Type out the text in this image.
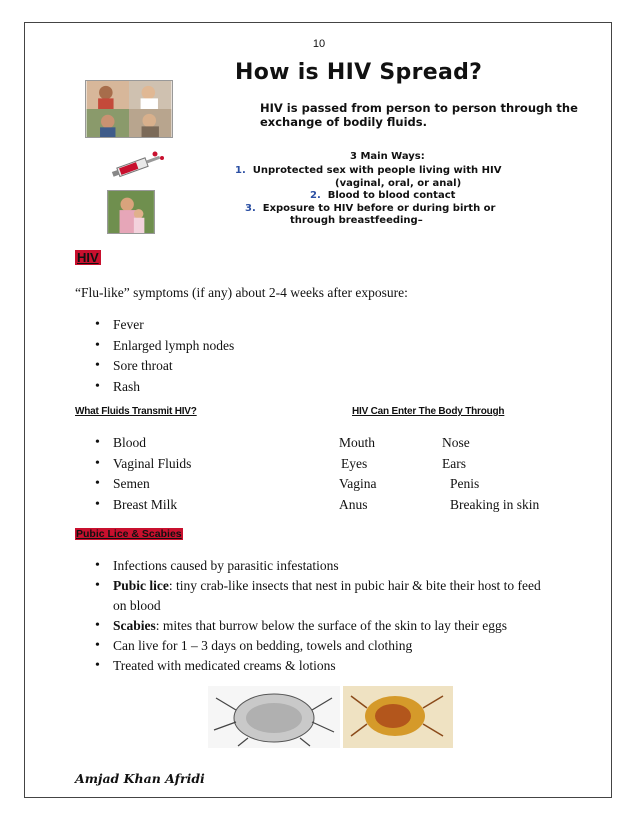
10
How is HIV Spread?
HIV is passed from person to person through the exchange of bodily fluids.
3 Main Ways:
1. Unprotected sex with people living with HIV
(vaginal, oral, or anal)
2. Blood to blood contact
3. Exposure to HIV before or during birth or
through breastfeeding–
HIV
“Flu-like” symptoms (if any) about 2-4 weeks after exposure:
• Fever
• Enlarged lymph nodes
• Sore throat
• Rash
What Fluids Transmit HIV?	HIV Can Enter The Body Through
• Blood
• Vaginal Fluids
• Semen
• Breast Milk
Mouth
Eyes
Vagina
Anus
Nose
Ears
Penis
Breaking in skin
Pubic Lice & Scabies
• Infections caused by parasitic infestations
• Pubic lice: tiny crab-like insects that nest in pubic hair & bite their host to feed on blood
• Scabies: mites that burrow below the surface of the skin to lay their eggs
• Can live for 1 – 3 days on bedding, towels and clothing
• Treated with medicated creams & lotions
Amjad Khan Afridi
